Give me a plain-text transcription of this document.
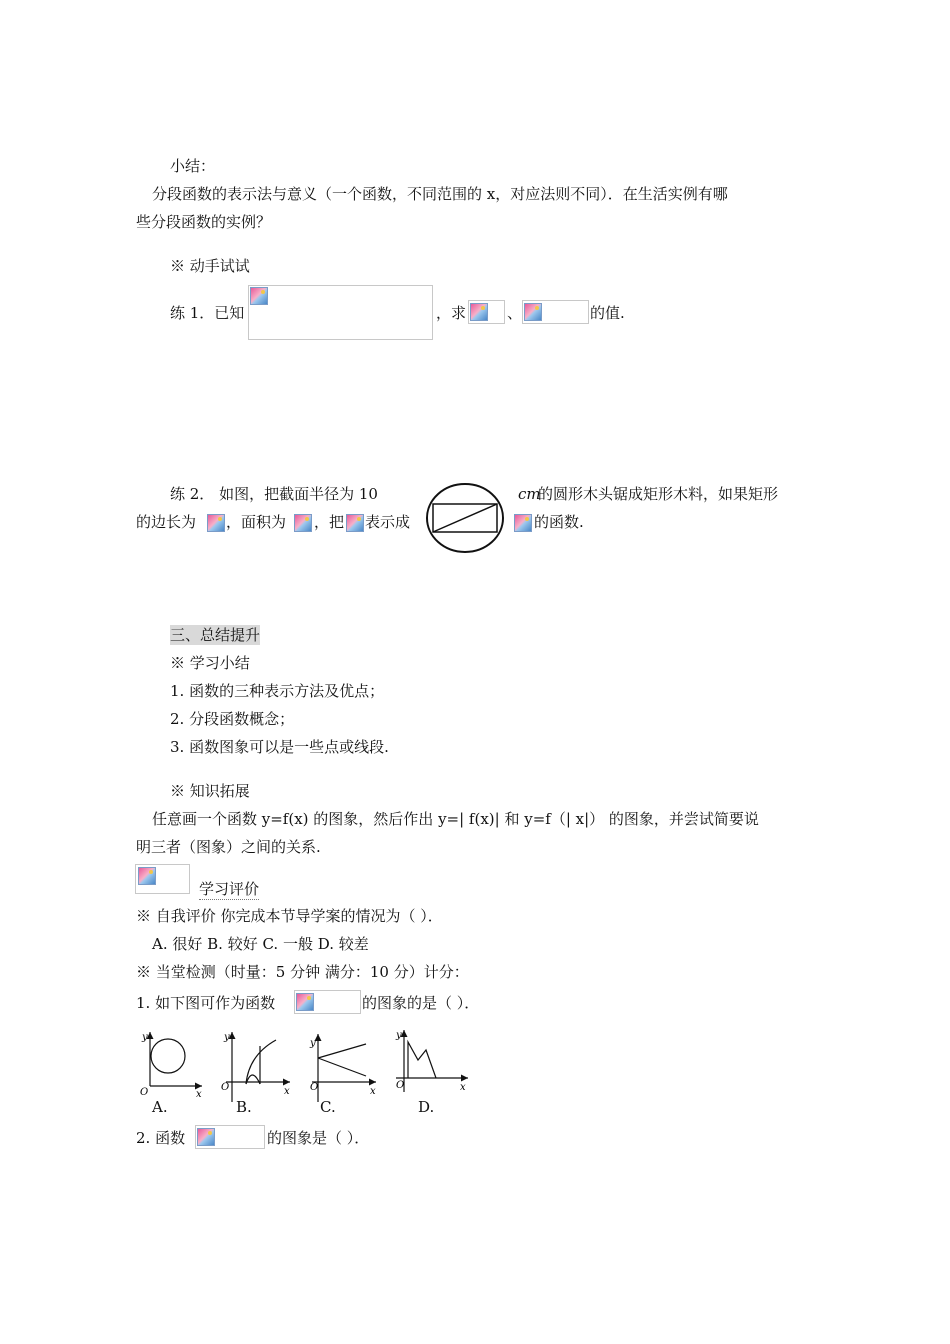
小结：
分段函数的表示法与意义（一个函数，不同范围的 x，对应法则不同）．在生活实例有哪
些分段函数的实例？
※ 动手试试
练 1．已知	，求	、	的值.
练 2． 如图，把截面半径为 10	cm
的圆形木头锯成矩形木料，如果矩形
的边长为 ，面积为 ，把 表示成	的函数.
三、总结提升
※ 学习小结
1. 函数的三种表示方法及优点；
2. 分段函数概念；
3. 函数图象可以是一些点或线段.
※ 知识拓展
任意画一个函数 y=f(x) 的图象，然后作出 y=| f(x)| 和 y=f（| x|） 的图象，并尝试简要说
明三者（图象）之间的关系.
学习评价
※ 自我评价 你完成本节导学案的情况为（ ）．
A. 很好 B. 较好 C. 一般 D. 较差
※ 当堂检测（时量：5 分钟 满分：10 分）计分：
1. 如下图可作为函数	的图象的是（ ）．
y
O	x
y
O	x
y
O	x
y
O	x
A.	B.	C.	D.
2. 函数	的图象是（ ）．
